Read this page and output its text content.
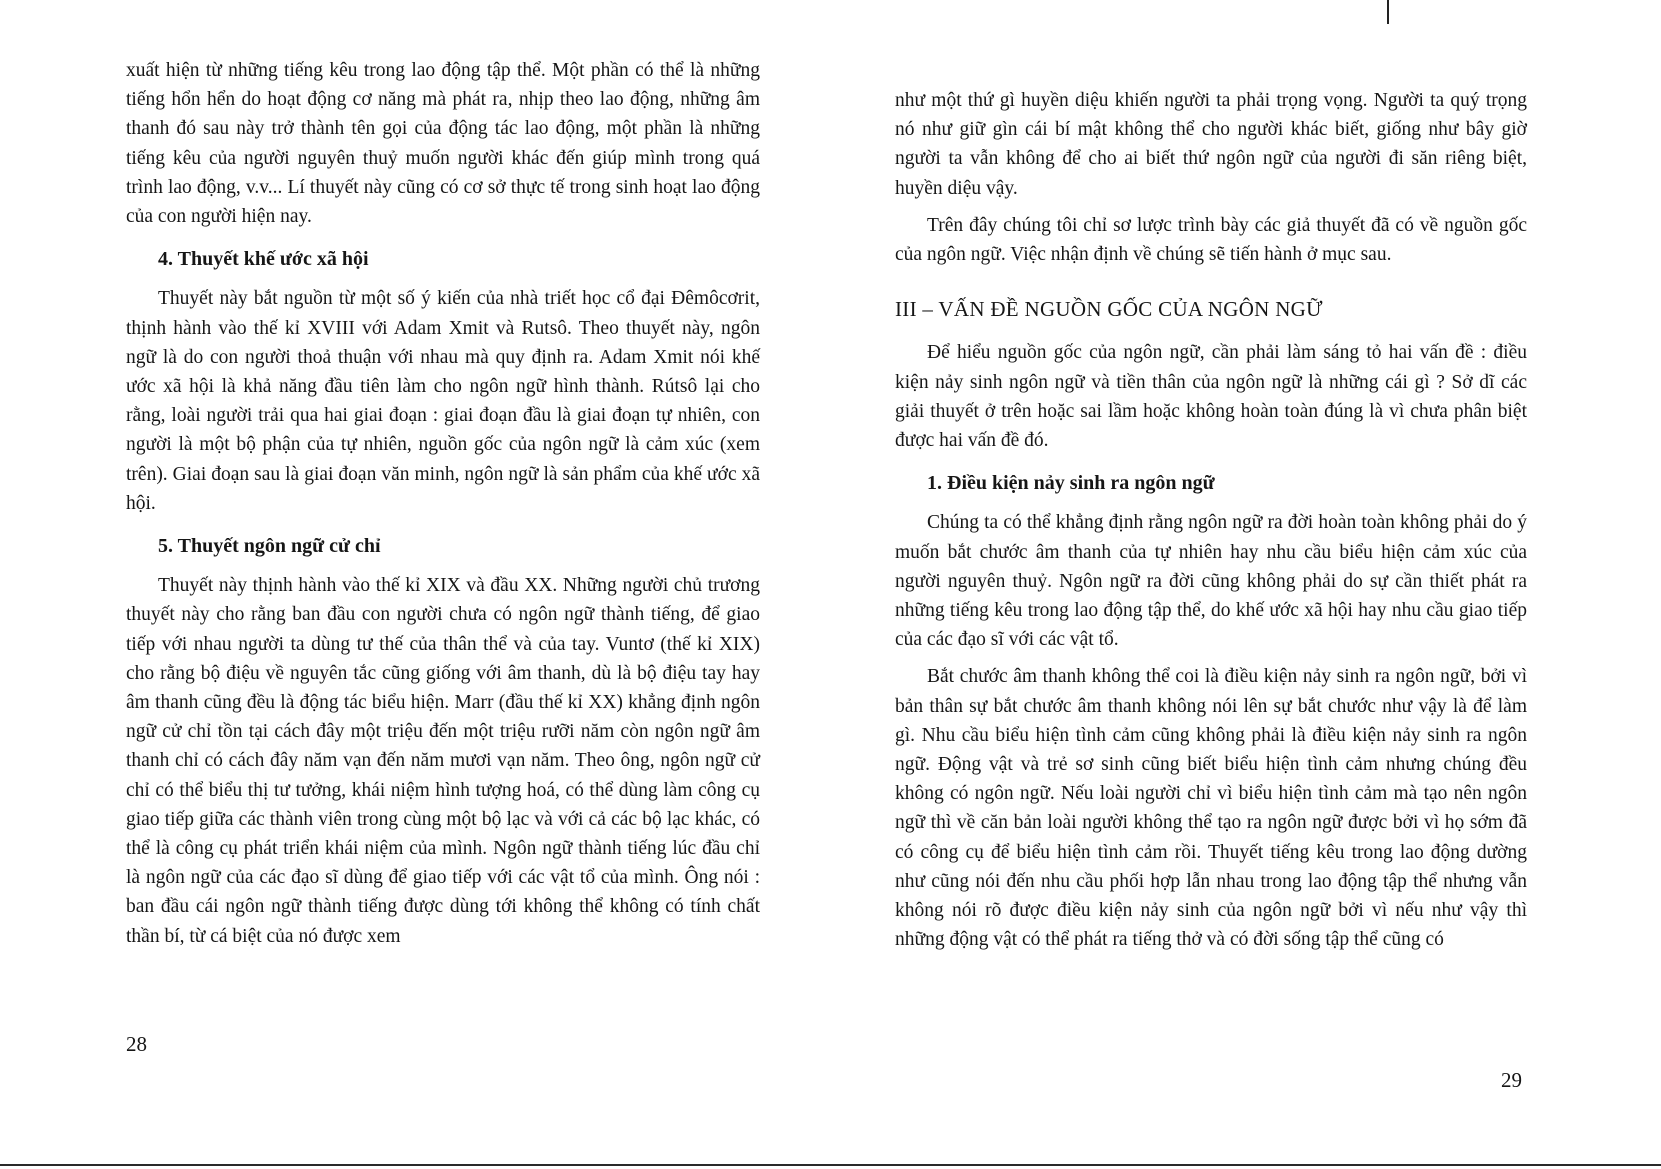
xuất hiện từ những tiếng kêu trong lao động tập thể. Một phần có thể là những tiếng hổn hển do hoạt động cơ năng mà phát ra, nhịp theo lao động, những âm thanh đó sau này trở thành tên gọi của động tác lao động, một phần là những tiếng kêu của người nguyên thuỷ muốn người khác đến giúp mình trong quá trình lao động, v.v... Lí thuyết này cũng có cơ sở thực tế trong sinh hoạt lao động của con người hiện nay.

4. Thuyết khế ước xã hội

Thuyết này bắt nguồn từ một số ý kiến của nhà triết học cổ đại Đêmôcơrit, thịnh hành vào thế kỉ XVIII với Adam Xmit và Rutsô. Theo thuyết này, ngôn ngữ là do con người thoả thuận với nhau mà quy định ra. Adam Xmit nói khế ước xã hội là khả năng đầu tiên làm cho ngôn ngữ hình thành. Rútsô lại cho rằng, loài người trải qua hai giai đoạn : giai đoạn đầu là giai đoạn tự nhiên, con người là một bộ phận của tự nhiên, nguồn gốc của ngôn ngữ là cảm xúc (xem trên). Giai đoạn sau là giai đoạn văn minh, ngôn ngữ là sản phẩm của khế ước xã hội.

5. Thuyết ngôn ngữ cử chỉ

Thuyết này thịnh hành vào thế kỉ XIX và đầu XX. Những người chủ trương thuyết này cho rằng ban đầu con người chưa có ngôn ngữ thành tiếng, để giao tiếp với nhau người ta dùng tư thế của thân thể và của tay. Vuntơ (thế kỉ XIX) cho rằng bộ điệu về nguyên tắc cũng giống với âm thanh, dù là bộ điệu tay hay âm thanh cũng đều là động tác biểu hiện. Marr (đầu thế kỉ XX) khẳng định ngôn ngữ cử chỉ tồn tại cách đây một triệu đến một triệu rưỡi năm còn ngôn ngữ âm thanh chỉ có cách đây năm vạn đến năm mươi vạn năm. Theo ông, ngôn ngữ cử chỉ có thể biểu thị tư tưởng, khái niệm hình tượng hoá, có thể dùng làm công cụ giao tiếp giữa các thành viên trong cùng một bộ lạc và với cả các bộ lạc khác, có thể là công cụ phát triển khái niệm của mình. Ngôn ngữ thành tiếng lúc đầu chỉ là ngôn ngữ của các đạo sĩ dùng để giao tiếp với các vật tổ của mình. Ông nói : ban đầu cái ngôn ngữ thành tiếng được dùng tới không thể không có tính chất thần bí, từ cá biệt của nó được xem

28

như một thứ gì huyền diệu khiến người ta phải trọng vọng. Người ta quý trọng nó như giữ gìn cái bí mật không thể cho người khác biết, giống như bây giờ người ta vẫn không để cho ai biết thứ ngôn ngữ của người đi săn riêng biệt, huyền diệu vậy.

Trên đây chúng tôi chỉ sơ lược trình bày các giả thuyết đã có về nguồn gốc của ngôn ngữ. Việc nhận định về chúng sẽ tiến hành ở mục sau.

III – VẤN ĐỀ NGUỒN GỐC CỦA NGÔN NGỮ

Để hiểu nguồn gốc của ngôn ngữ, cần phải làm sáng tỏ hai vấn đề : điều kiện nảy sinh ngôn ngữ và tiền thân của ngôn ngữ là những cái gì ? Sở dĩ các giải thuyết ở trên hoặc sai lầm hoặc không hoàn toàn đúng là vì chưa phân biệt được hai vấn đề đó.

1. Điều kiện nảy sinh ra ngôn ngữ

Chúng ta có thể khẳng định rằng ngôn ngữ ra đời hoàn toàn không phải do ý muốn bắt chước âm thanh của tự nhiên hay nhu cầu biểu hiện cảm xúc của người nguyên thuỷ. Ngôn ngữ ra đời cũng không phải do sự cần thiết phát ra những tiếng kêu trong lao động tập thể, do khế ước xã hội hay nhu cầu giao tiếp của các đạo sĩ với các vật tổ.

Bắt chước âm thanh không thể coi là điều kiện nảy sinh ra ngôn ngữ, bởi vì bản thân sự bắt chước âm thanh không nói lên sự bắt chước như vậy là để làm gì. Nhu cầu biểu hiện tình cảm cũng không phải là điều kiện nảy sinh ra ngôn ngữ. Động vật và trẻ sơ sinh cũng biết biểu hiện tình cảm nhưng chúng đều không có ngôn ngữ. Nếu loài người chỉ vì biểu hiện tình cảm mà tạo nên ngôn ngữ thì về căn bản loài người không thể tạo ra ngôn ngữ được bởi vì họ sớm đã có công cụ để biểu hiện tình cảm rồi. Thuyết tiếng kêu trong lao động dường như cũng nói đến nhu cầu phối hợp lẫn nhau trong lao động tập thể nhưng vẫn không nói rõ được điều kiện nảy sinh của ngôn ngữ bởi vì nếu như vậy thì những động vật có thể phát ra tiếng thở và có đời sống tập thể cũng có

29
